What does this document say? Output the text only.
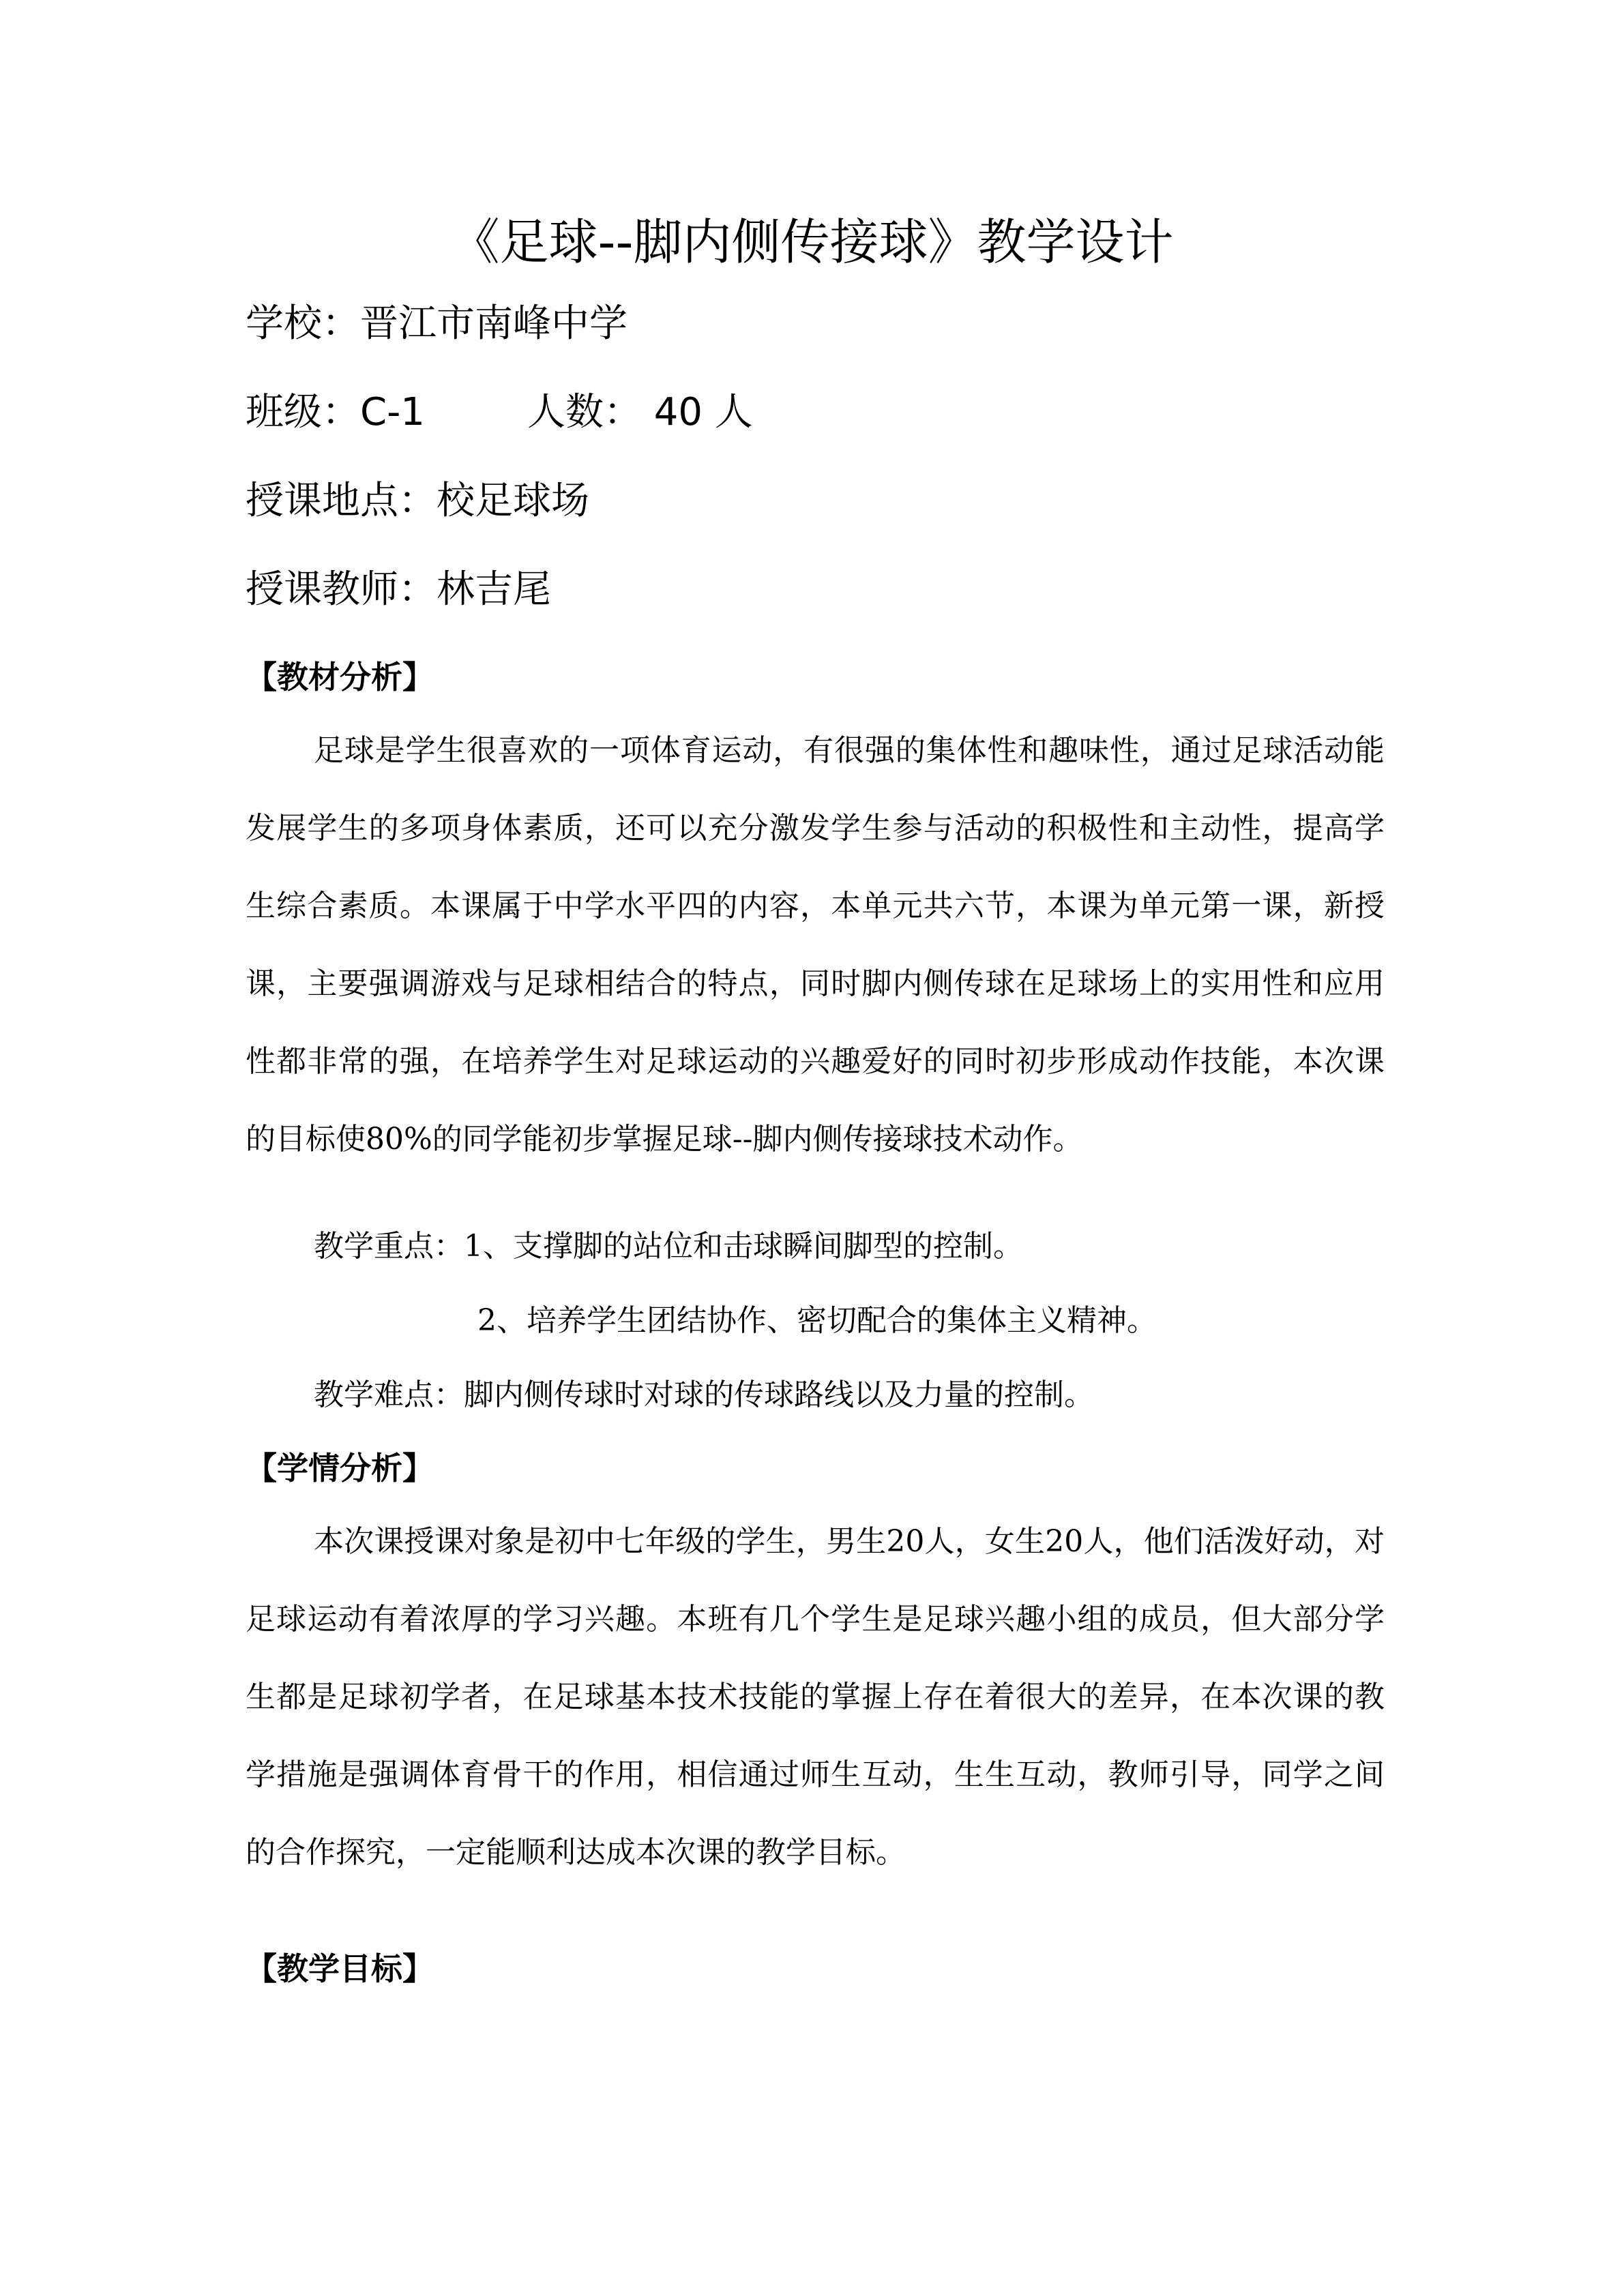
《足球--脚内侧传接球》教学设计
学校：晋江市南峰中学
班级：C-1	人数： 40 人
授课地点：校足球场
授课教师：林吉尾
【教材分析】

足球是学生很喜欢的一项体育运动，有很强的集体性和趣味性，通过足球活动能发展学生的多项身体素质，还可以充分激发学生参与活动的积极性和主动性，提高学生综合素质。本课属于中学水平四的内容，本单元共六节，本课为单元第一课，新授课，主要强调游戏与足球相结合的特点，同时脚内侧传球在足球场上的实用性和应用性都非常的强，在培养学生对足球运动的兴趣爱好的同时初步形成动作技能，本次课的目标使80%的同学能初步掌握足球--脚内侧传接球技术动作。

教学重点：1、支撑脚的站位和击球瞬间脚型的控制。
2、培养学生团结协作、密切配合的集体主义精神。
教学难点：脚内侧传球时对球的传球路线以及力量的控制。
【学情分析】

本次课授课对象是初中七年级的学生，男生20人，女生20人，他们活泼好动，对足球运动有着浓厚的学习兴趣。本班有几个学生是足球兴趣小组的成员，但大部分学生都是足球初学者，在足球基本技术技能的掌握上存在着很大的差异，在本次课的教学措施是强调体育骨干的作用，相信通过师生互动，生生互动，教师引导，同学之间的合作探究，一定能顺利达成本次课的教学目标。

【教学目标】
